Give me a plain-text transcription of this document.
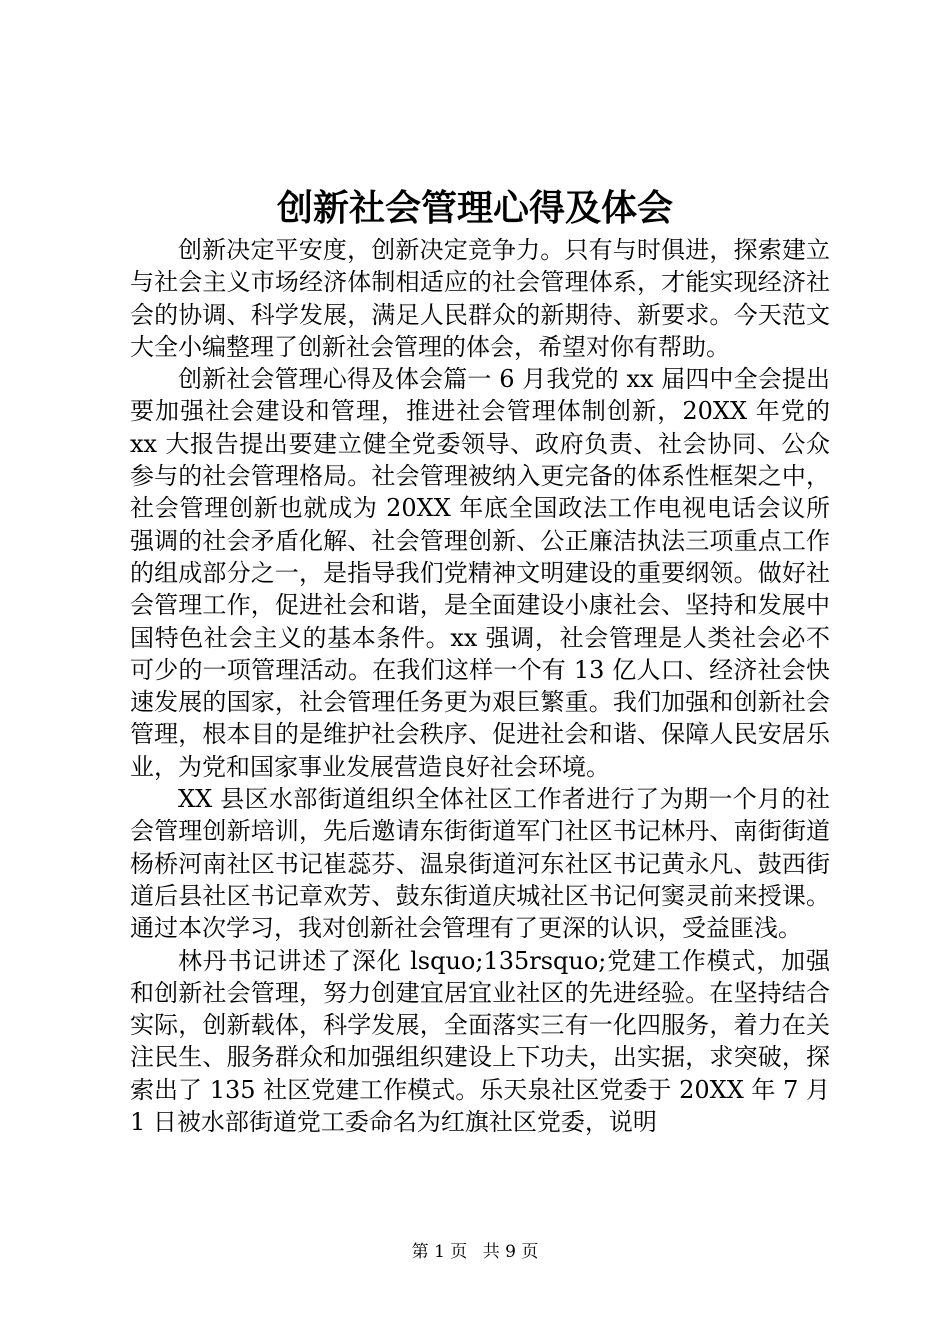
创新社会管理心得及体会

创新决定平安度，创新决定竞争力。只有与时俱进，探索建立与社会主义市场经济体制相适应的社会管理体系，才能实现经济社会的协调、科学发展，满足人民群众的新期待、新要求。今天范文大全小编整理了创新社会管理的体会，希望对你有帮助。

创新社会管理心得及体会篇一 6 月我党的 xx 届四中全会提出要加强社会建设和管理，推进社会管理体制创新，20XX 年党的 xx 大报告提出要建立健全党委领导、政府负责、社会协同、公众参与的社会管理格局。社会管理被纳入更完备的体系性框架之中，社会管理创新也就成为 20XX 年底全国政法工作电视电话会议所强调的社会矛盾化解、社会管理创新、公正廉洁执法三项重点工作的组成部分之一，是指导我们党精神文明建设的重要纲领。做好社会管理工作，促进社会和谐，是全面建设小康社会、坚持和发展中国特色社会主义的基本条件。xx 强调，社会管理是人类社会必不可少的一项管理活动。在我们这样一个有 13 亿人口、经济社会快速发展的国家，社会管理任务更为艰巨繁重。我们加强和创新社会管理，根本目的是维护社会秩序、促进社会和谐、保障人民安居乐业，为党和国家事业发展营造良好社会环境。

XX 县区水部街道组织全体社区工作者进行了为期一个月的社会管理创新培训，先后邀请东街街道军门社区书记林丹、南街街道杨桥河南社区书记崔蕊芬、温泉街道河东社区书记黄永凡、鼓西街道后县社区书记章欢芳、鼓东街道庆城社区书记何窦灵前来授课。通过本次学习，我对创新社会管理有了更深的认识，受益匪浅。

林丹书记讲述了深化 lsquo;135rsquo;党建工作模式，加强和创新社会管理，努力创建宜居宜业社区的先进经验。在坚持结合实际，创新载体，科学发展，全面落实三有一化四服务，着力在关注民生、服务群众和加强组织建设上下功夫，出实据，求突破，探索出了 135 社区党建工作模式。乐天泉社区党委于 20XX 年 7 月 1 日被水部街道党工委命名为红旗社区党委，说明

第 1 页 共 9 页
